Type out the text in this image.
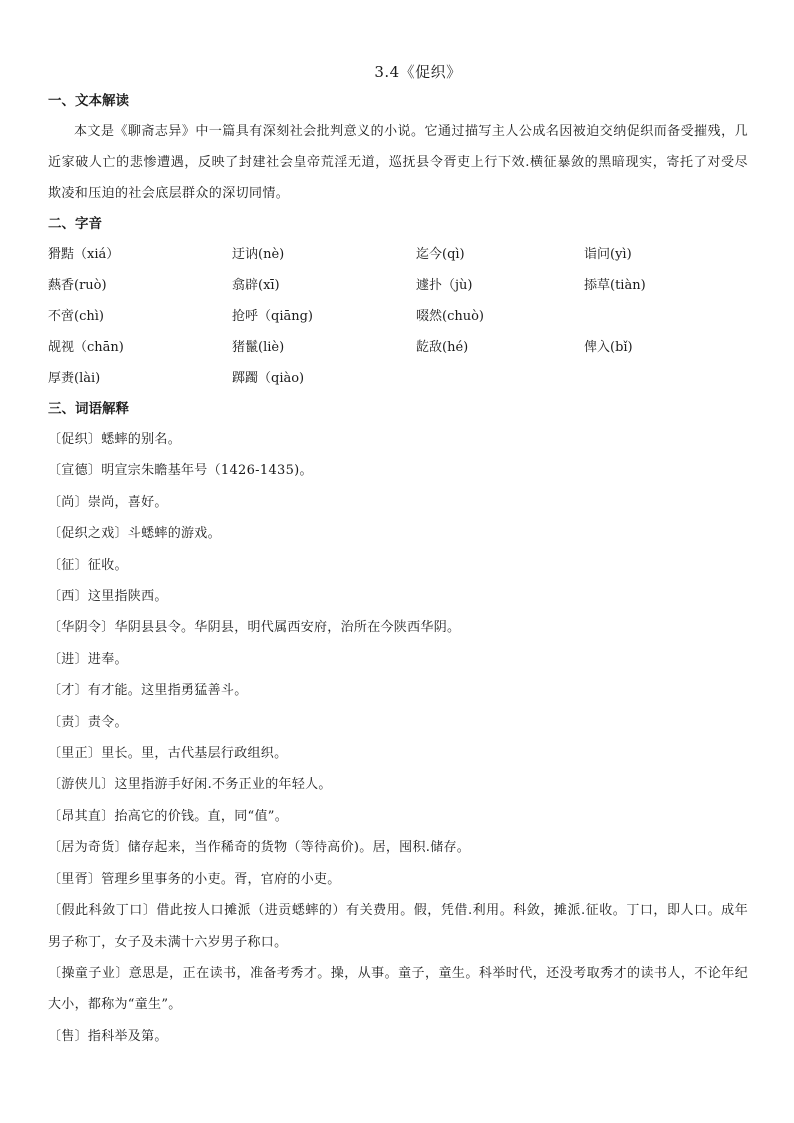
3.4《促织》
一、文本解读

本文是《聊斋志异》中一篇具有深刻社会批判意义的小说。它通过描写主人公成名因被迫交纳促织而备受摧残，几近家破人亡的悲惨遭遇，反映了封建社会皇帝荒淫无道，巡抚县令胥吏上行下效.横征暴敛的黑暗现实，寄托了对受尽欺凌和压迫的社会底层群众的深切同情。

二、字音
猾黠（xiá）	迂讷(nè)	迄今(qì)	诣问(yì)
爇香(ruò)	翕辟(xī)	遽扑（jù)	掭草(tiàn)
不啻(chì)	抢呼（qiāng)	啜然(chuò)
觇视（chān)	猪鬣(liè)	龁敌(hé)	俾入(bǐ)
厚赉(lài)	踯躅（qiào)
三、词语解释
〔促织〕蟋蟀的别名。
〔宣德〕明宣宗朱瞻基年号（1426-1435)。
〔尚〕崇尚，喜好。
〔促织之戏〕斗蟋蟀的游戏。
〔征〕征收。
〔西〕这里指陕西。
〔华阴令〕华阴县县令。华阴县，明代属西安府，治所在今陕西华阴。
〔进〕进奉。
〔才〕有才能。这里指勇猛善斗。
〔责〕责令。
〔里正〕里长。里，古代基层行政组织。
〔游侠儿〕这里指游手好闲.不务正业的年轻人。
〔昂其直〕抬高它的价钱。直，同“值”。
〔居为奇货〕储存起来，当作稀奇的货物（等待高价)。居，囤积.储存。
〔里胥〕管理乡里事务的小吏。胥，官府的小吏。
〔假此科敛丁口〕借此按人口摊派（进贡蟋蟀的）有关费用。假，凭借.利用。科敛，摊派.征收。丁口，即人口。成年男子称丁，女子及未满十六岁男子称口。
〔操童子业〕意思是，正在读书，准备考秀才。操，从事。童子，童生。科举时代，还没考取秀才的读书人，不论年纪大小，都称为“童生”。
〔售〕指科举及第。
